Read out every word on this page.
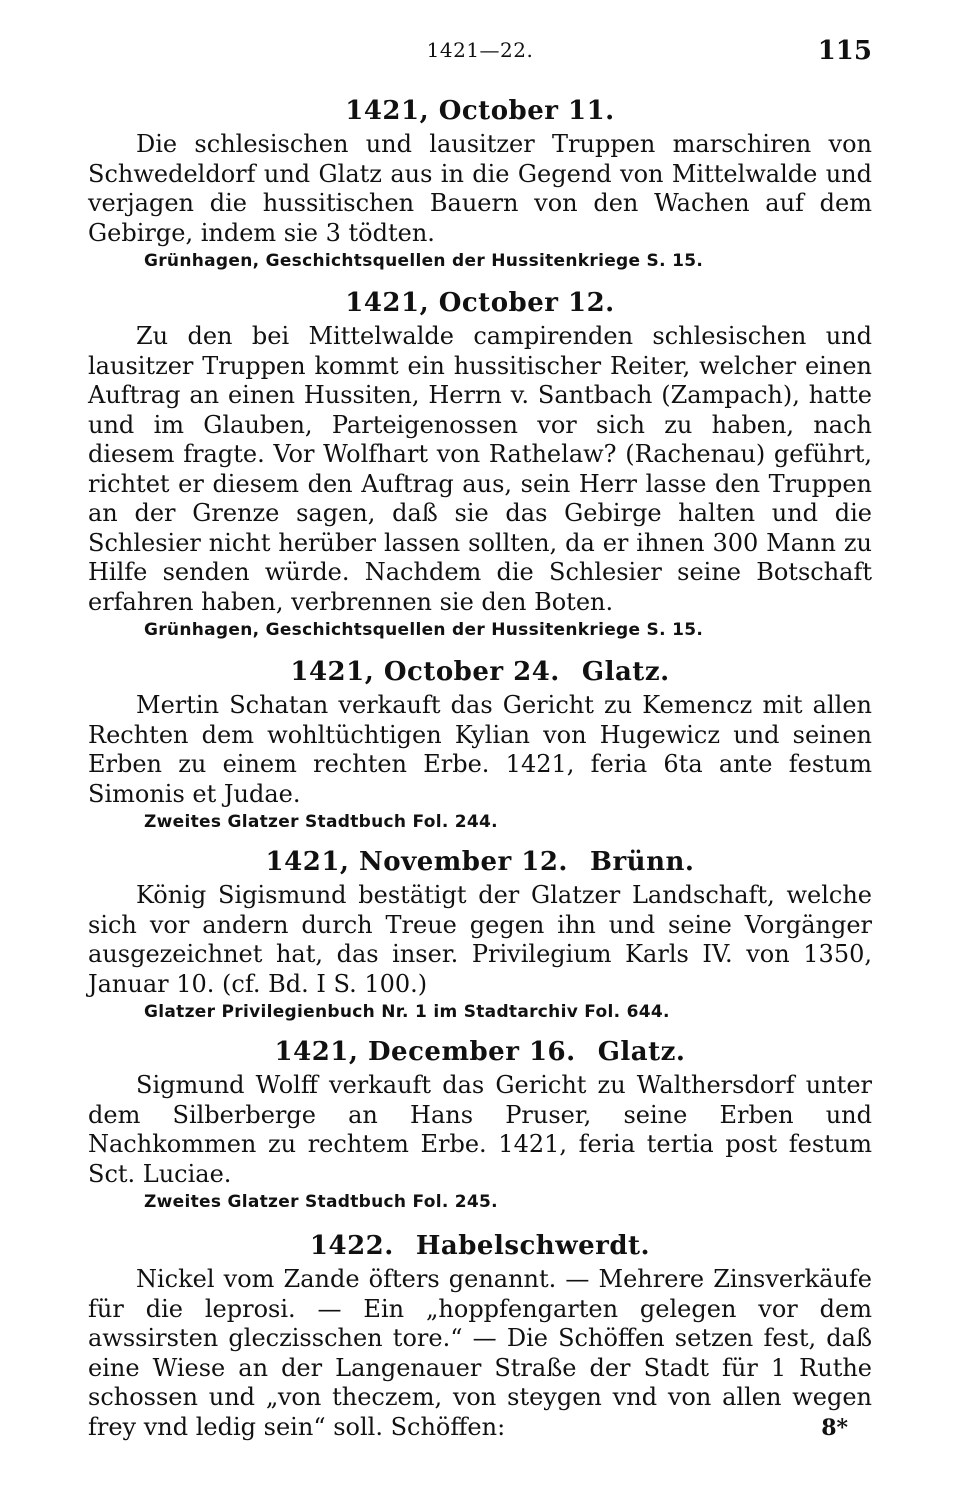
1421—22.	115
1421, October 11.

Die schlesischen und lausitzer Truppen marschiren von Schwedeldorf und Glatz aus in die Gegend von Mittelwalde und verjagen die hussitischen Bauern von den Wachen auf dem Gebirge, indem sie 3 tödten.

Grünhagen, Geschichtsquellen der Hussitenkriege S. 15.
1421, October 12.

Zu den bei Mittelwalde campirenden schlesischen und lausitzer Truppen kommt ein hussitischer Reiter, welcher einen Auftrag an einen Hussiten, Herrn v. Santbach (Zampach), hatte und im Glauben, Parteigenossen vor sich zu haben, nach diesem fragte. Vor Wolfhart von Rathelaw? (Rachenau) geführt, richtet er diesem den Auftrag aus, sein Herr lasse den Truppen an der Grenze sagen, daß sie das Gebirge halten und die Schlesier nicht herüber lassen sollten, da er ihnen 300 Mann zu Hilfe senden würde. Nachdem die Schlesier seine Botschaft erfahren haben, verbrennen sie den Boten.

Grünhagen, Geschichtsquellen der Hussitenkriege S. 15.
1421, October 24. Glatz.

Mertin Schatan verkauft das Gericht zu Kemencz mit allen Rechten dem wohltüchtigen Kylian von Hugewicz und seinen Erben zu einem rechten Erbe. 1421, feria 6ta ante festum Simonis et Judae.

Zweites Glatzer Stadtbuch Fol. 244.
1421, November 12. Brünn.

König Sigismund bestätigt der Glatzer Landschaft, welche sich vor andern durch Treue gegen ihn und seine Vorgänger ausgezeichnet hat, das inser. Privilegium Karls IV. von 1350, Januar 10. (cf. Bd. I S. 100.)

Glatzer Privilegienbuch Nr. 1 im Stadtarchiv Fol. 644.
1421, December 16. Glatz.

Sigmund Wolff verkauft das Gericht zu Walthersdorf unter dem Silberberge an Hans Pruser, seine Erben und Nachkommen zu rechtem Erbe. 1421, feria tertia post festum Sct. Luciae.

Zweites Glatzer Stadtbuch Fol. 245.
1422. Habelschwerdt.

Nickel vom Zande öfters genannt. — Mehrere Zinsverkäufe für die leprosi. — Ein „hoppfengarten gelegen vor dem awssirsten gleczisschen tore.“ — Die Schöffen setzen fest, daß eine Wiese an der Langenauer Straße der Stadt für 1 Ruthe schossen und „von theczem, von steygen vnd von allen wegen frey vnd ledig sein“ soll. Schöffen:	8*
